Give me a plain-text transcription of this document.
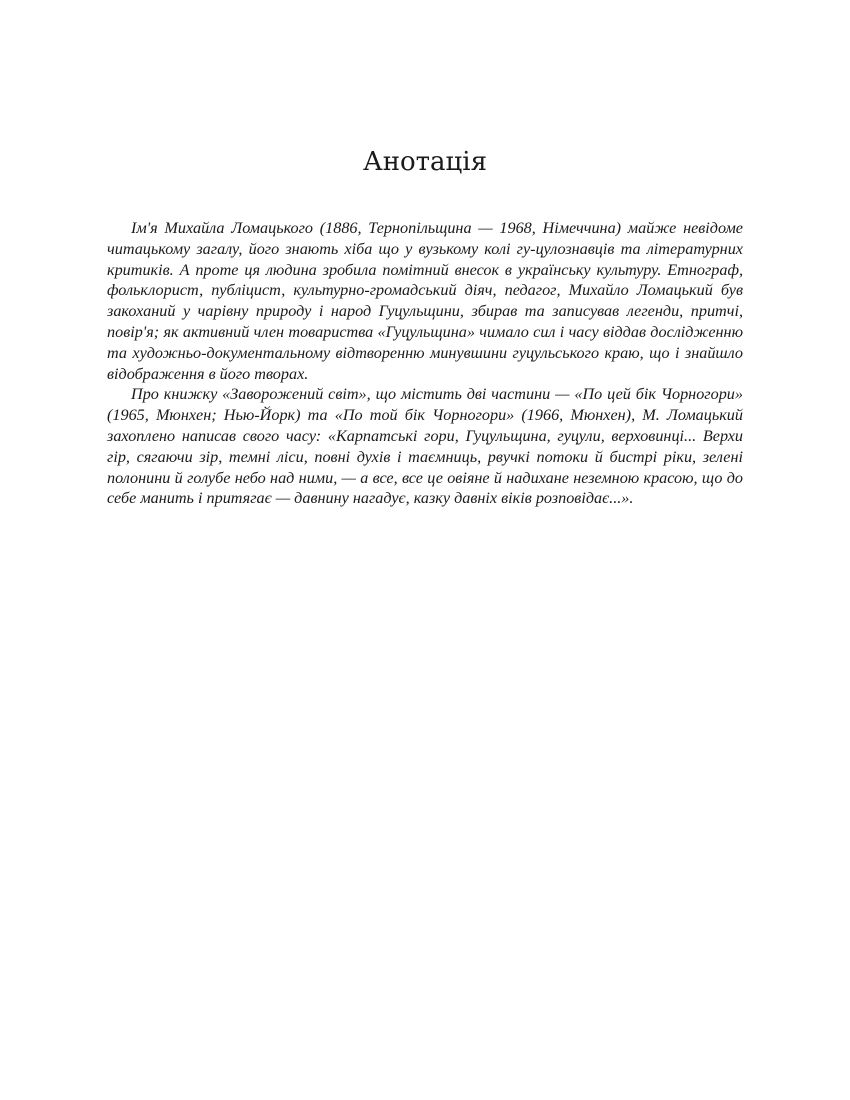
Анотація

Ім'я Михайла Ломацького (1886, Тернопільщина — 1968, Німеччина) майже невідоме читацькому загалу, його знають хіба що у вузькому колі гу-цулознавців та літературних критиків. А проте ця людина зробила помітний внесок в українську культуру. Етнограф, фольклорист, публіцист, культурно-громадський діяч, педагог, Михайло Ломацький був закоханий у чарівну природу і народ Гуцульщини, збирав та записував легенди, притчі, повір'я; як активний член товариства «Гуцульщина» чимало сил і часу віддав дослідженню та художньо-документальному відтворенню минувшини гуцульського краю, що і знайшло відображення в його творах.

Про книжку «Заворожений світ», що містить дві частини — «По цей бік Чорногори» (1965, Мюнхен; Нью-Йорк) та «По той бік Чорногори» (1966, Мюнхен), М. Ломацький захоплено написав свого часу: «Карпатські гори, Гуцульщина, гуцули, верховинці... Верхи гір, сягаючи зір, темні ліси, повні духів і таємниць, рвучкі потоки й бистрі ріки, зелені полонини й голубе небо над ними, — а все, все це овіяне й надихане неземною красою, що до себе манить і притягає — давнину нагадує, казку давніх віків розповідає...».
